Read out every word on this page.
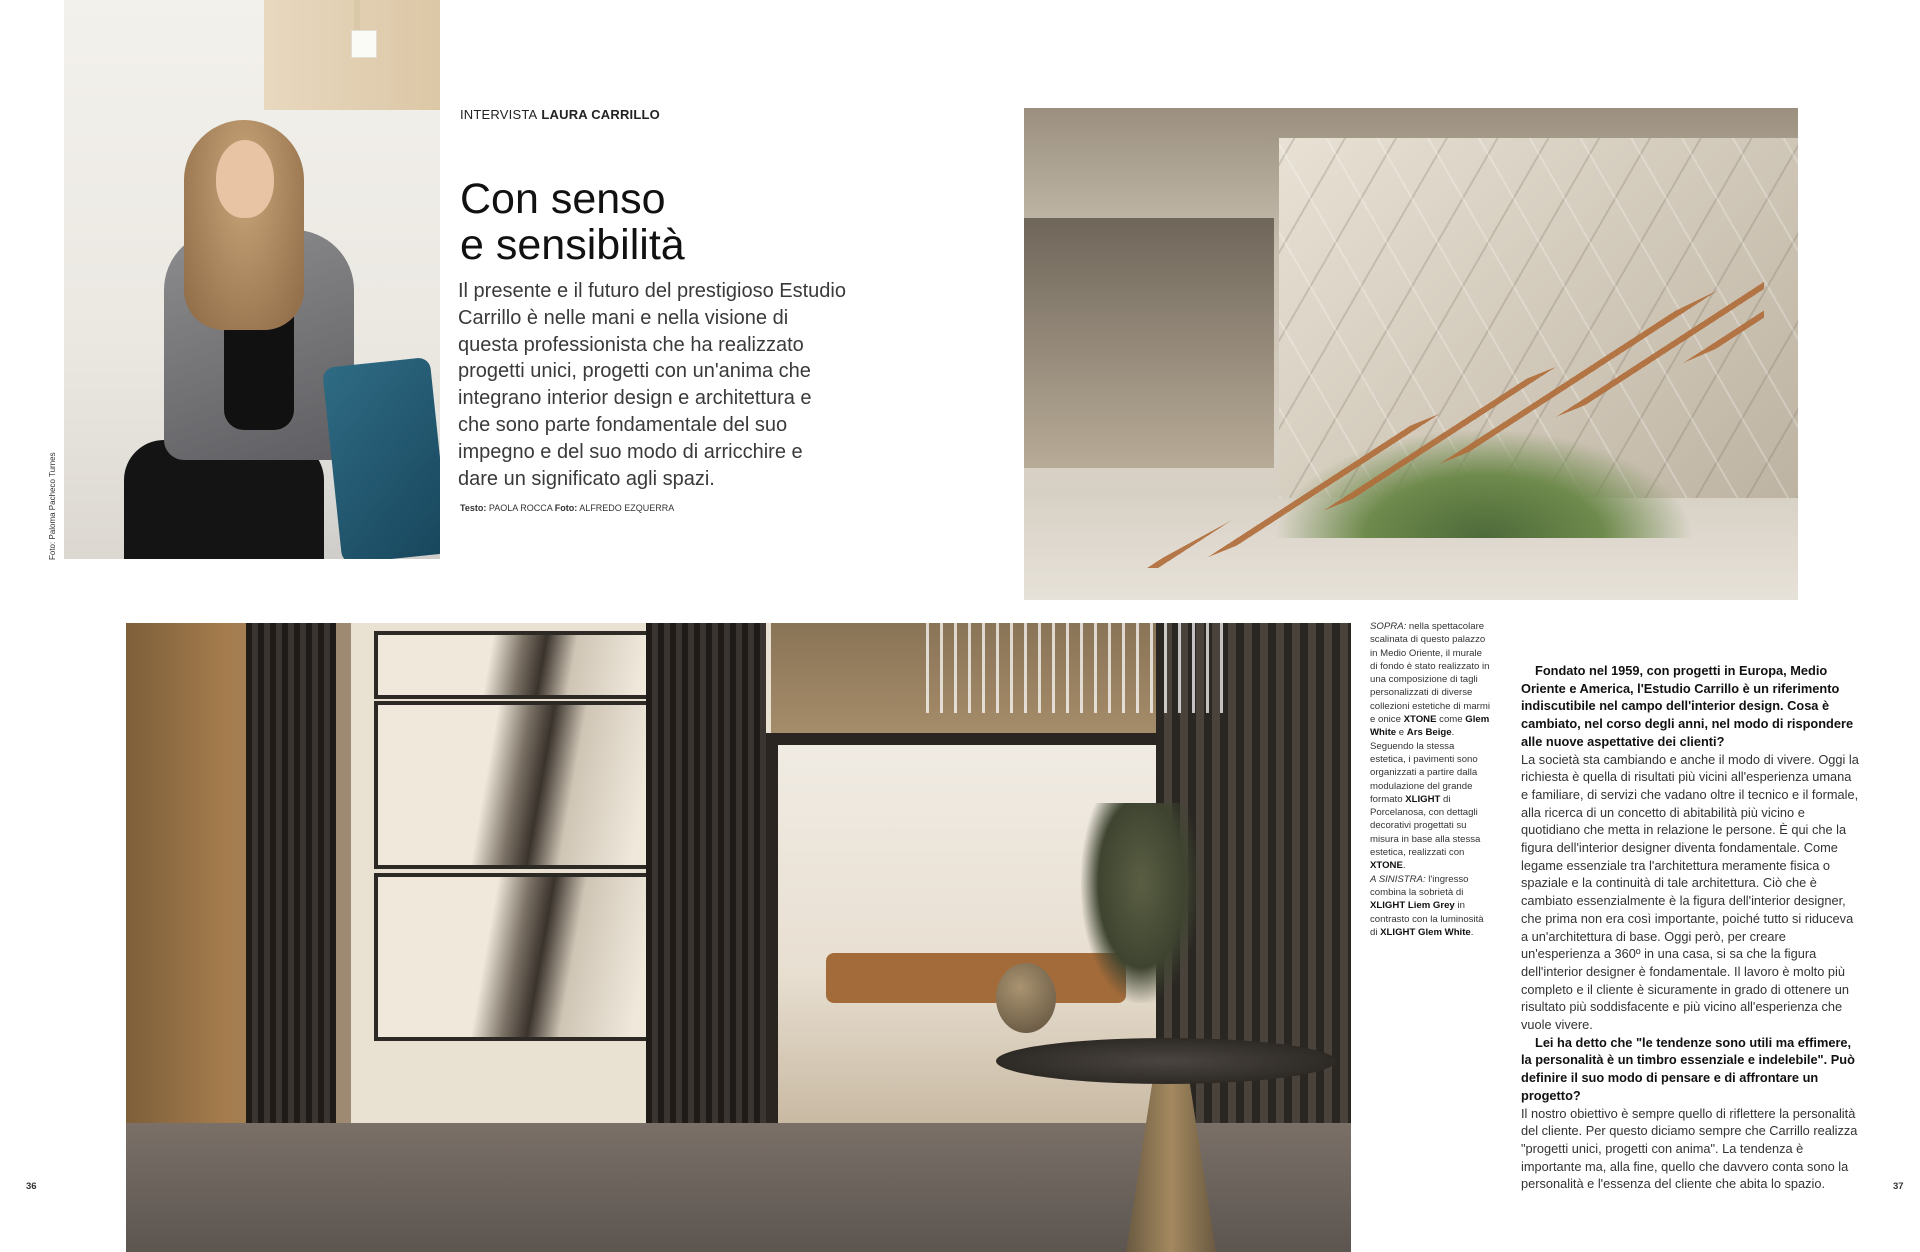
Foto: Paloma Pacheco Turnes
INTERVISTA LAURA CARRILLO
Con senso
e sensibilità

Il presente e il futuro del prestigioso Estudio Carrillo è nelle mani e nella visione di questa professionista che ha realizzato progetti unici, progetti con un'anima che integrano interior design e architettura e che sono parte fondamentale del suo impegno e del suo modo di arricchire e dare un significato agli spazi.

Testo: PAOLA ROCCA Foto: ALFREDO EZQUERRA

SOPRA: nella spettacolare scalinata di questo palazzo in Medio Oriente, il murale di fondo è stato realizzato in una composizione di tagli personalizzati di diverse collezioni estetiche di marmi e onice XTONE come Glem White e Ars Beige. Seguendo la stessa estetica, i pavimenti sono organizzati a partire dalla modulazione del grande formato XLIGHT di Porcelanosa, con dettagli decorativi progettati su misura in base alla stessa estetica, realizzati con XTONE.
A SINISTRA: l'ingresso combina la sobrietà di XLIGHT Liem Grey in contrasto con la luminosità di XLIGHT Glem White.

Fondato nel 1959, con progetti in Europa, Medio Oriente e America, l'Estudio Carrillo è un riferimento indiscutibile nel campo dell'interior design. Cosa è cambiato, nel corso degli anni, nel modo di rispondere alle nuove aspettative dei clienti?

La società sta cambiando e anche il modo di vivere. Oggi la richiesta è quella di risultati più vicini all'esperienza umana e familiare, di servizi che vadano oltre il tecnico e il formale, alla ricerca di un concetto di abitabilità più vicino e quotidiano che metta in relazione le persone. È qui che la figura dell'interior designer diventa fondamentale. Come legame essenziale tra l'architettura meramente fisica o spaziale e la continuità di tale architettura. Ciò che è cambiato essenzialmente è la figura dell'interior designer, che prima non era così importante, poiché tutto si riduceva a un'architettura di base. Oggi però, per creare un'esperienza a 360º in una casa, si sa che la figura dell'interior designer è fondamentale. Il lavoro è molto più completo e il cliente è sicuramente in grado di ottenere un risultato più soddisfacente e più vicino all'esperienza che vuole vivere.

Lei ha detto che "le tendenze sono utili ma effimere, la personalità è un timbro essenziale e indelebile". Può definire il suo modo di pensare e di affrontare un progetto?

Il nostro obiettivo è sempre quello di riflettere la personalità del cliente. Per questo diciamo sempre che Carrillo realizza "progetti unici, progetti con anima". La tendenza è importante ma, alla fine, quello che davvero conta sono la personalità e l'essenza del cliente che abita lo spazio.

36	37
